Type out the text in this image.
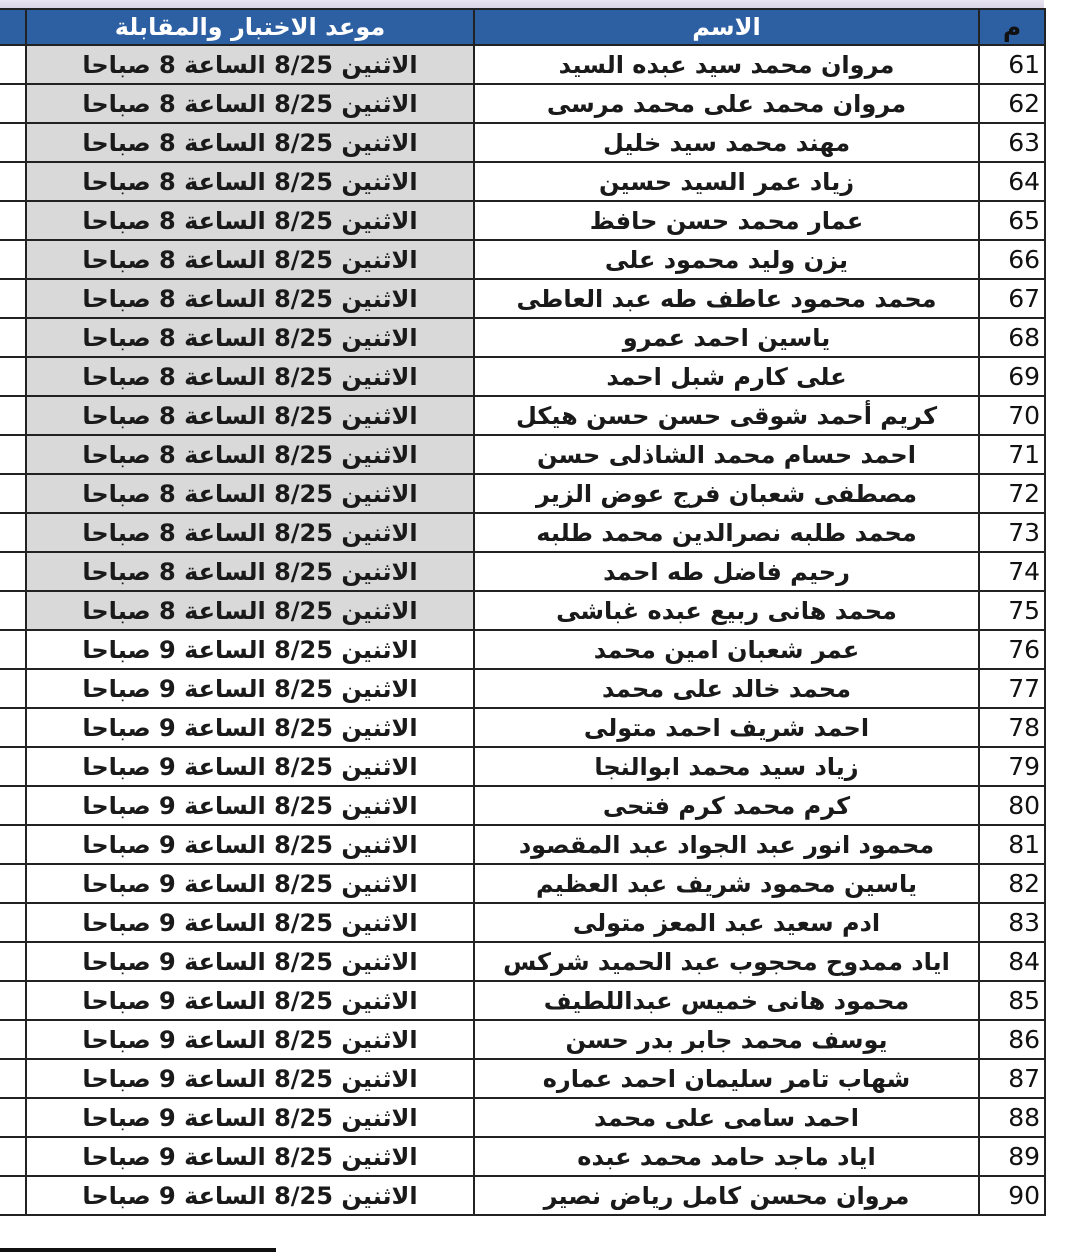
	موعد الاختبار والمقابلة	الاسم	م
	الاثنين 8/25 الساعة 8 صباحا	مروان محمد سيد عبده السيد	61
	الاثنين 8/25 الساعة 8 صباحا	مروان محمد على محمد مرسى	62
	الاثنين 8/25 الساعة 8 صباحا	مهند محمد سيد خليل	63
	الاثنين 8/25 الساعة 8 صباحا	زياد عمر السيد حسين	64
	الاثنين 8/25 الساعة 8 صباحا	عمار محمد حسن حافظ	65
	الاثنين 8/25 الساعة 8 صباحا	يزن وليد محمود على	66
	الاثنين 8/25 الساعة 8 صباحا	محمد محمود عاطف طه عبد العاطى	67
	الاثنين 8/25 الساعة 8 صباحا	ياسين احمد عمرو	68
	الاثنين 8/25 الساعة 8 صباحا	على كارم شبل احمد	69
	الاثنين 8/25 الساعة 8 صباحا	كريم أحمد شوقى حسن حسن هيكل	70
	الاثنين 8/25 الساعة 8 صباحا	احمد حسام محمد الشاذلى حسن	71
	الاثنين 8/25 الساعة 8 صباحا	مصطفى شعبان فرج عوض الزير	72
	الاثنين 8/25 الساعة 8 صباحا	محمد طلبه نصرالدين محمد طلبه	73
	الاثنين 8/25 الساعة 8 صباحا	رحيم فاضل طه احمد	74
	الاثنين 8/25 الساعة 8 صباحا	محمد هانى ربيع عبده غباشى	75
	الاثنين 8/25 الساعة 9 صباحا	عمر شعبان امين محمد	76
	الاثنين 8/25 الساعة 9 صباحا	محمد خالد على محمد	77
	الاثنين 8/25 الساعة 9 صباحا	احمد شريف احمد متولى	78
	الاثنين 8/25 الساعة 9 صباحا	زياد سيد محمد ابوالنجا	79
	الاثنين 8/25 الساعة 9 صباحا	كرم محمد كرم فتحى	80
	الاثنين 8/25 الساعة 9 صباحا	محمود انور عبد الجواد عبد المقصود	81
	الاثنين 8/25 الساعة 9 صباحا	ياسين محمود شريف عبد العظيم	82
	الاثنين 8/25 الساعة 9 صباحا	ادم سعيد عبد المعز متولى	83
	الاثنين 8/25 الساعة 9 صباحا	اياد ممدوح محجوب عبد الحميد شركس	84
	الاثنين 8/25 الساعة 9 صباحا	محمود هانى خميس عبداللطيف	85
	الاثنين 8/25 الساعة 9 صباحا	يوسف محمد جابر بدر حسن	86
	الاثنين 8/25 الساعة 9 صباحا	شهاب تامر سليمان احمد عماره	87
	الاثنين 8/25 الساعة 9 صباحا	احمد سامى على محمد	88
	الاثنين 8/25 الساعة 9 صباحا	اياد ماجد حامد محمد عبده	89
	الاثنين 8/25 الساعة 9 صباحا	مروان محسن كامل رياض نصير	90
